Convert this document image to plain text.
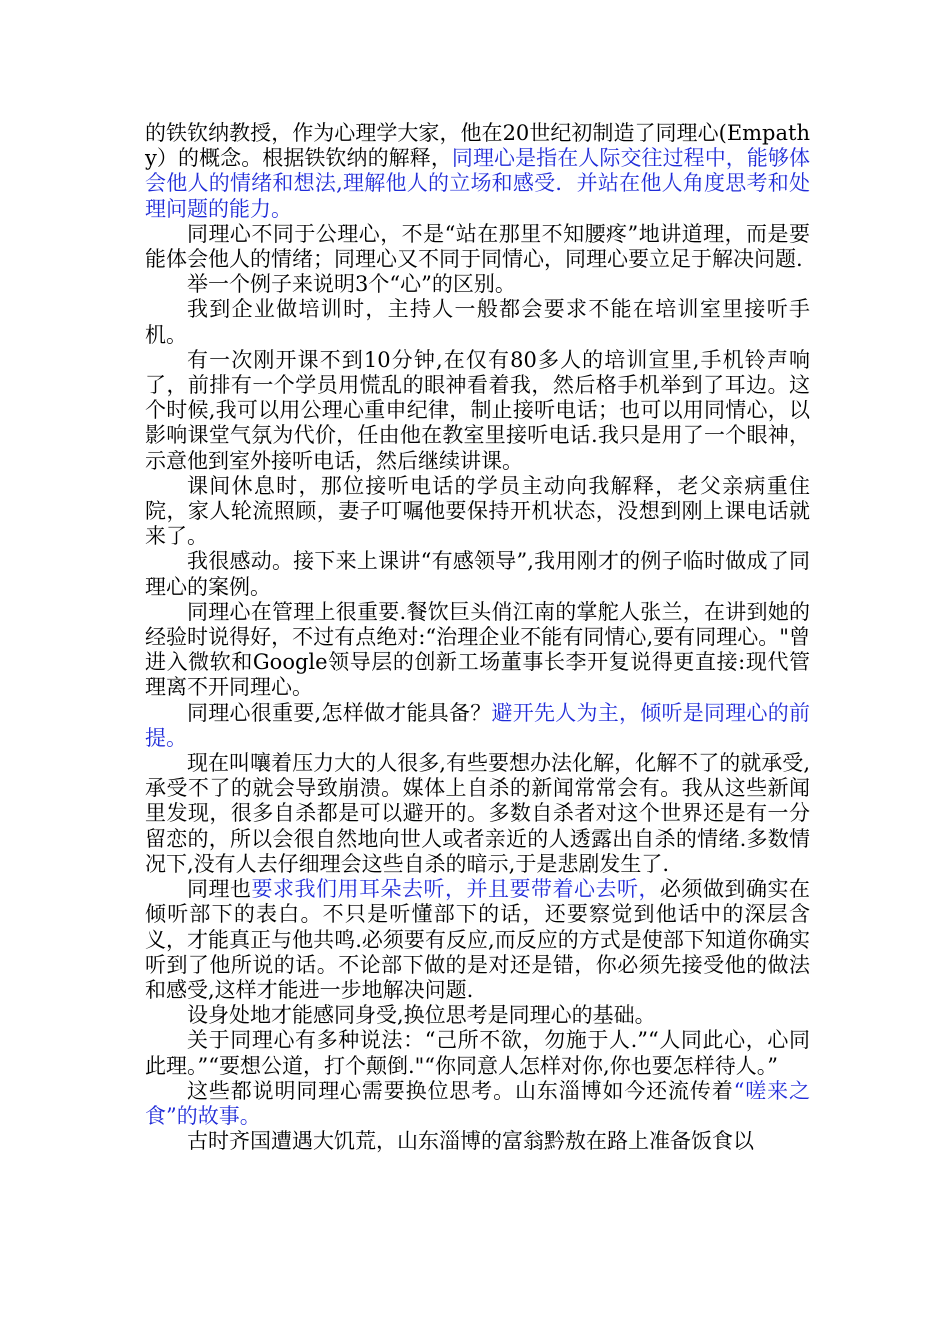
的铁钦纳教授，作为心理学大家，他在20世纪初制造了同理心(Empathy）的概念。根据铁钦纳的解释，同理心是指在人际交往过程中，能够体会他人的情绪和想法,理解他人的立场和感受．并站在他人角度思考和处理问题的能力。

同理心不同于公理心，不是“站在那里不知腰疼”地讲道理，而是要能体会他人的情绪；同理心又不同于同情心，同理心要立足于解决问题.

举一个例子来说明3个“心”的区别。

我到企业做培训时，主持人一般都会要求不能在培训室里接听手机。

有一次刚开课不到10分钟,在仅有80多人的培训宣里,手机铃声响了，前排有一个学员用慌乱的眼神看着我，然后格手机举到了耳边。这个时候,我可以用公理心重申纪律，制止接听电话；也可以用同情心，以影响课堂气氛为代价，任由他在教室里接听电话.我只是用了一个眼神，示意他到室外接听电话，然后继续讲课。

课间休息时，那位接听电话的学员主动向我解释，老父亲病重住院，家人轮流照顾，妻子叮嘱他要保持开机状态，没想到刚上课电话就来了。

我很感动。接下来上课讲“有感领导”,我用刚才的例子临时做成了同理心的案例。

同理心在管理上很重要.餐饮巨头俏江南的掌舵人张兰，在讲到她的经验时说得好，不过有点绝对:“治理企业不能有同情心,要有同理心。"曾进入微软和Google领导层的创新工场董事长李开复说得更直接:现代管理离不开同理心。

同理心很重要,怎样做才能具备？避开先人为主，倾听是同理心的前提。

现在叫嚷着压力大的人很多,有些要想办法化解，化解不了的就承受,承受不了的就会导致崩溃。媒体上自杀的新闻常常会有。我从这些新闻里发现，很多自杀都是可以避开的。多数自杀者对这个世界还是有一分留恋的，所以会很自然地向世人或者亲近的人透露出自杀的情绪.多数情况下,没有人去仔细理会这些自杀的暗示,于是悲剧发生了.

同理也要求我们用耳朵去听，并且要带着心去听，必须做到确实在倾听部下的表白。不只是听懂部下的话，还要察觉到他话中的深层含义，才能真正与他共鸣.必须要有反应,而反应的方式是使部下知道你确实听到了他所说的话。不论部下做的是对还是错，你必须先接受他的做法和感受,这样才能进一步地解决问题.

设身处地才能感同身受,换位思考是同理心的基础。

关于同理心有多种说法：“己所不欲，勿施于人.”“人同此心，心同此理。”“要想公道，打个颠倒."“你同意人怎样对你,你也要怎样待人。”

这些都说明同理心需要换位思考。山东淄博如今还流传着“嗟来之食”的故事。

古时齐国遭遇大饥荒，山东淄博的富翁黔敖在路上准备饭食以
